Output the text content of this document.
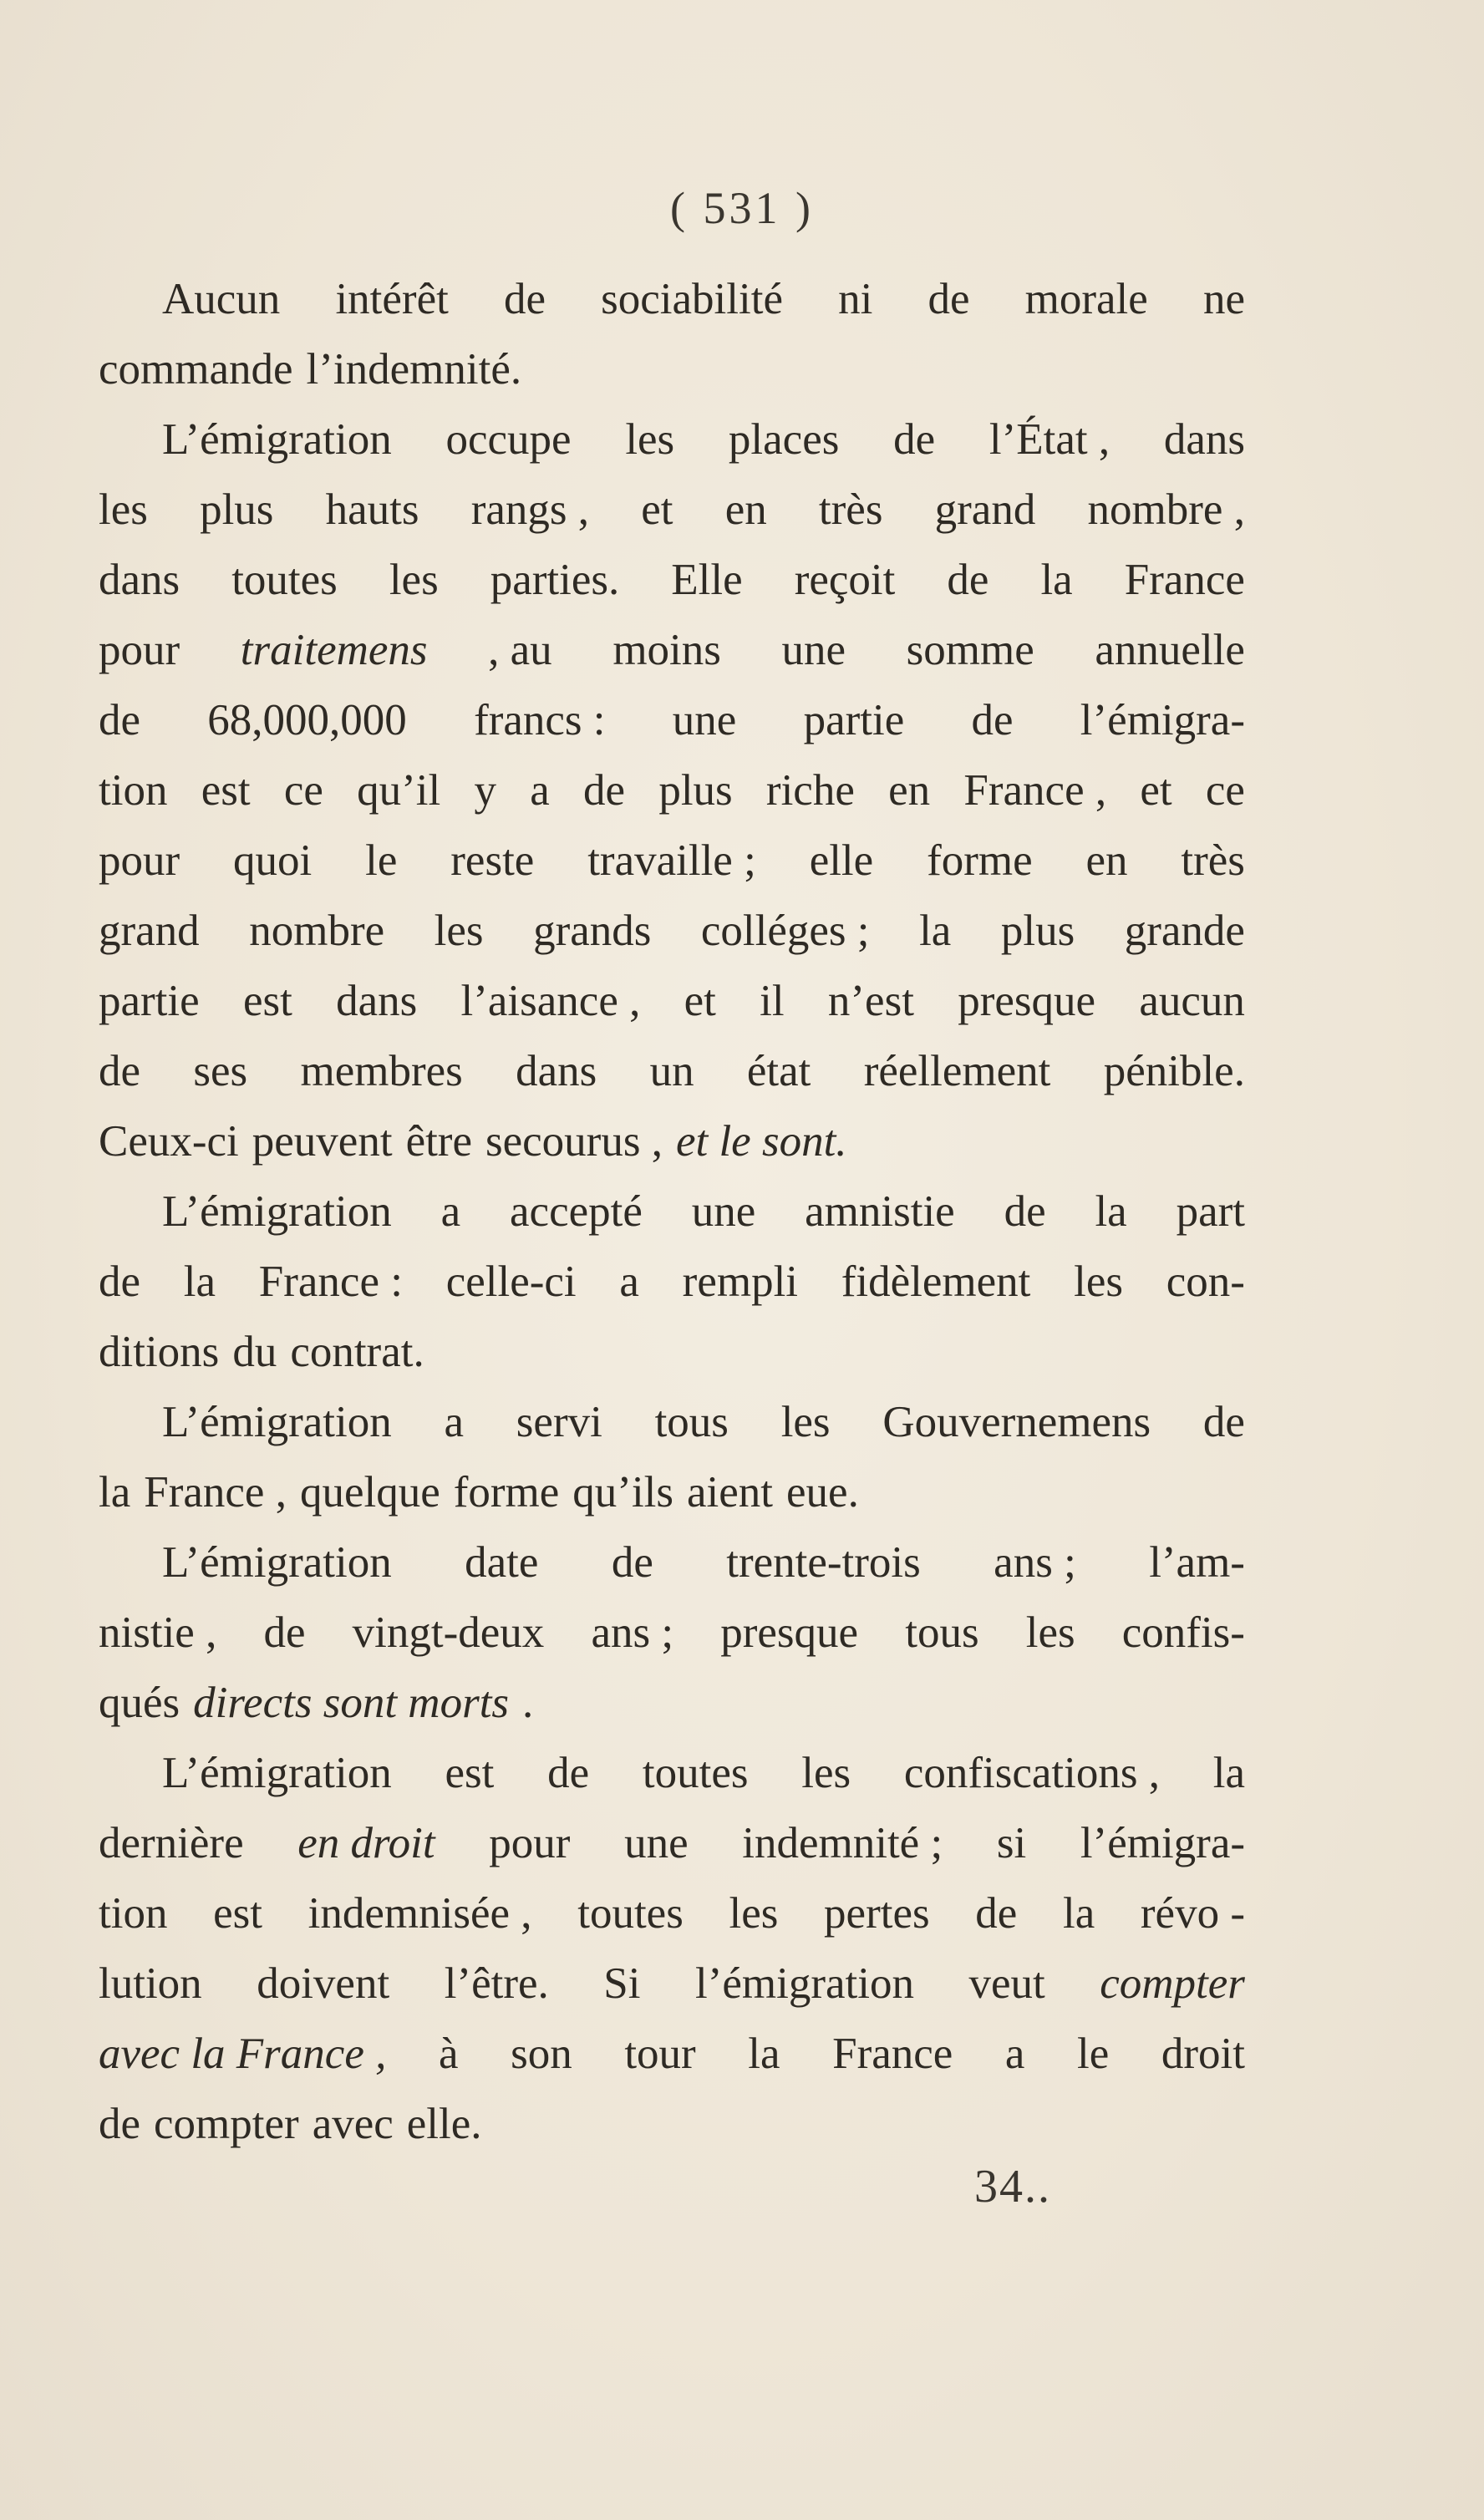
( 531 )
Aucun intérêt de sociabilité ni de morale ne
commande l’indemnité.
L’émigration occupe les places de l’État , dans
les plus hauts rangs , et en très grand nombre ,
dans toutes les parties. Elle reçoit de la France
pour traitemens , au moins une somme annuelle
de 68,000,000 francs : une partie de l’émigra-
tion est ce qu’il y a de plus riche en France , et ce
pour quoi le reste travaille ; elle forme en très
grand nombre les grands colléges ; la plus grande
partie est dans l’aisance , et il n’est presque aucun
de ses membres dans un état réellement pénible.
Ceux-ci peuvent être secourus , et le sont.
L’émigration a accepté une amnistie de la part
de la France : celle-ci a rempli fidèlement les con-
ditions du contrat.
L’émigration a servi tous les Gouvernemens de
la France , quelque forme qu’ils aient eue.
L’émigration date de trente-trois ans ; l’am-
nistie , de vingt-deux ans ; presque tous les confis-
qués directs sont morts .
L’émigration est de toutes les confiscations , la
dernière en droit pour une indemnité ; si l’émigra-
tion est indemnisée , toutes les pertes de la révo -
lution doivent l’être. Si l’émigration veut compter
avec la France , à son tour la France a le droit
de compter avec elle.
34..
